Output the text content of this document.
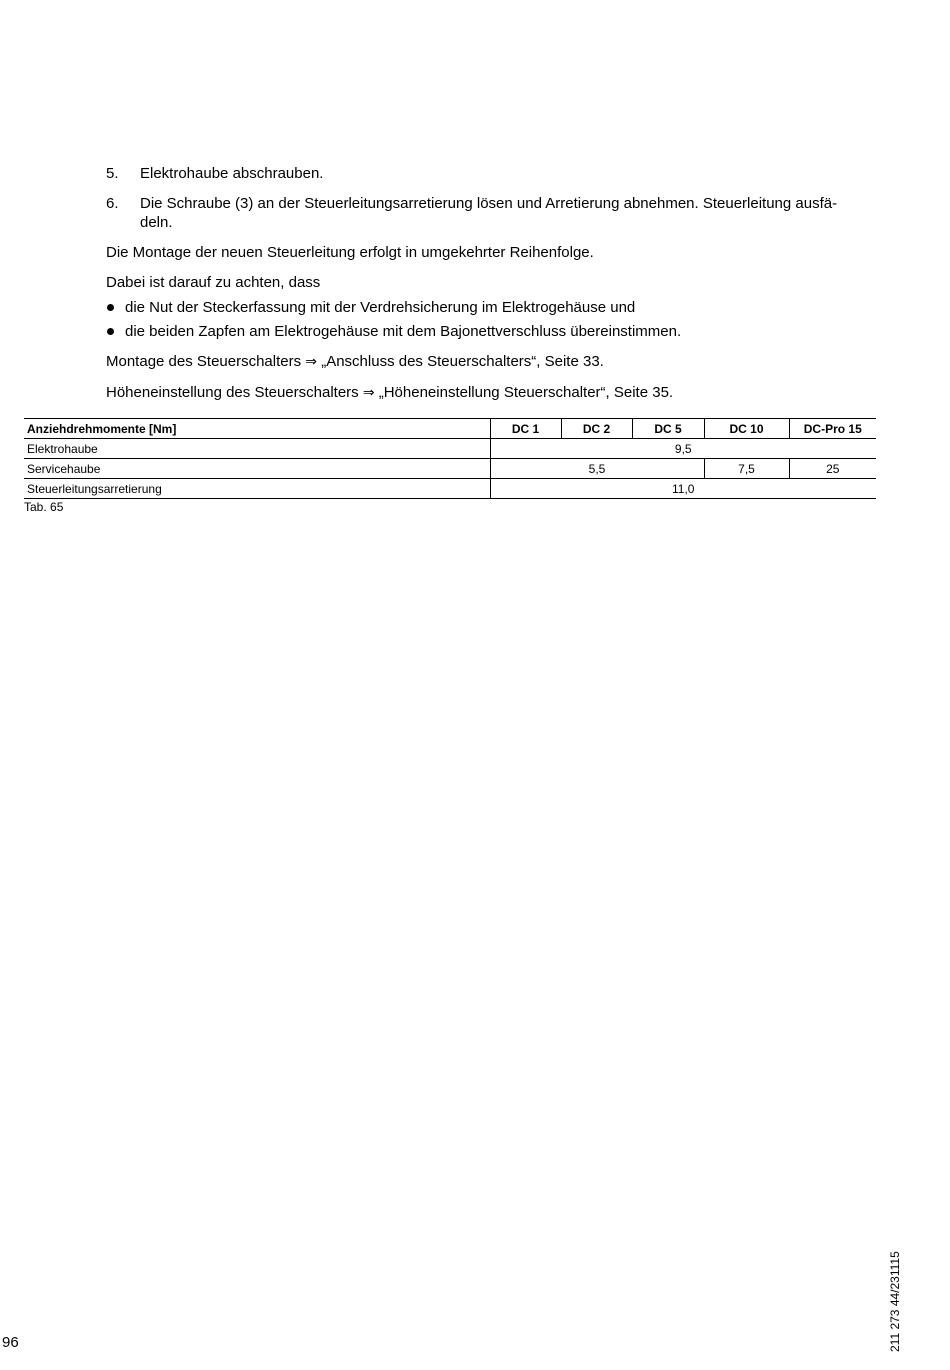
5. Elektrohaube abschrauben.
6. Die Schraube (3) an der Steuerleitungsarretierung lösen und Arretierung abnehmen. Steuerleitung ausfä-deln.
Die Montage der neuen Steuerleitung erfolgt in umgekehrter Reihenfolge.
Dabei ist darauf zu achten, dass
die Nut der Steckerfassung mit der Verdrehsicherung im Elektrogehäuse und
die beiden Zapfen am Elektrogehäuse mit dem Bajonettverschluss übereinstimmen.
Montage des Steuerschalters ⇒ „Anschluss des Steuerschalters“, Seite 33.
Höheneinstellung des Steuerschalters ⇒ „Höheneinstellung Steuerschalter“, Seite 35.
Anziehdrehmomente [Nm]	DC 1	DC 2	DC 5	DC 10	DC-Pro 15
Elektrohaube	9,5				
Servicehaube	5,5			7,5	25
Steuerleitungsarretierung	11,0				
Tab. 65
96	211 273 44/231115
